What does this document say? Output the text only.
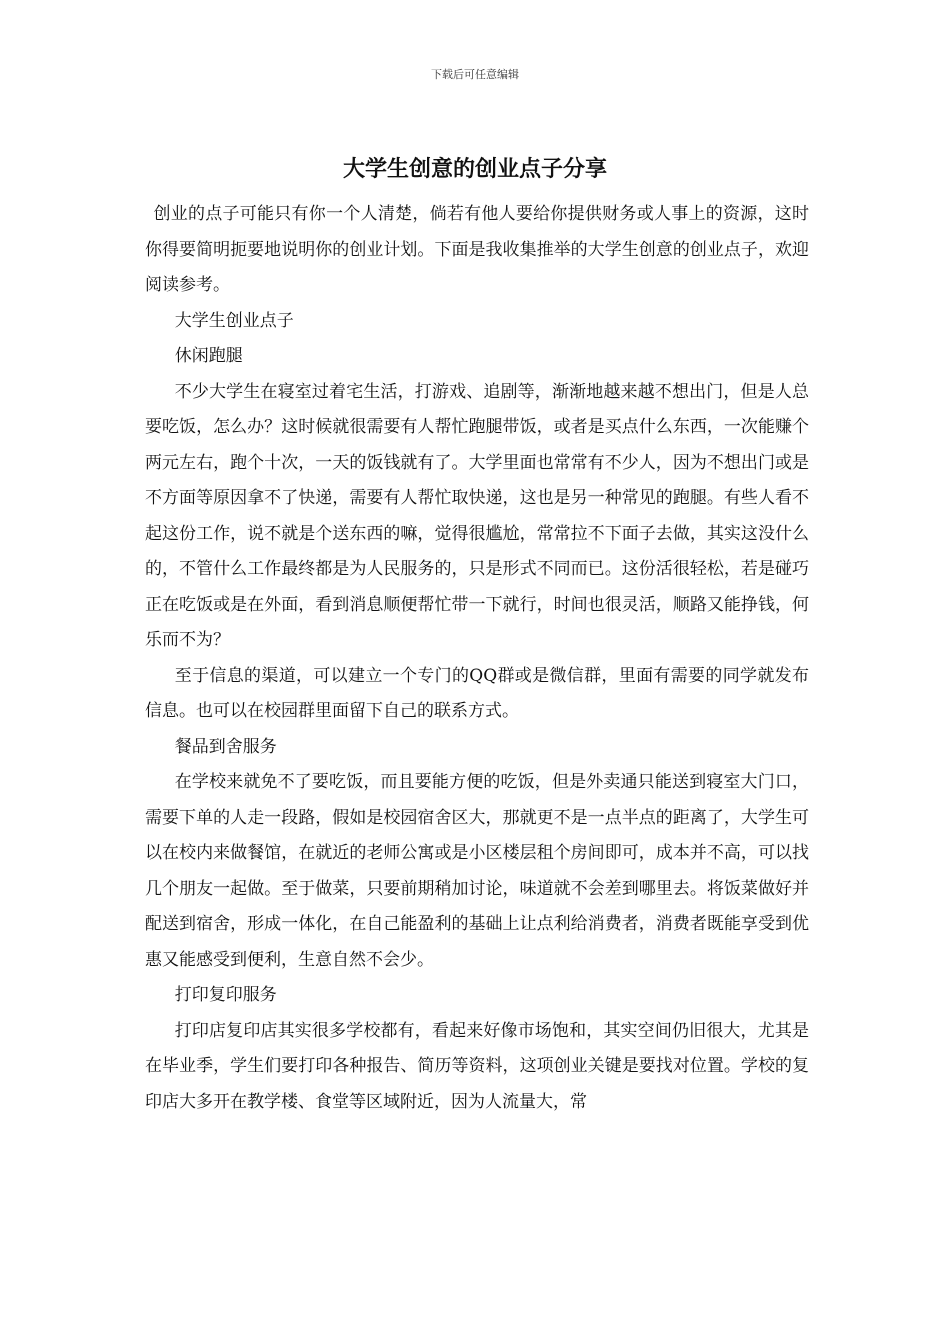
下载后可任意编辑
大学生创意的创业点子分享

创业的点子可能只有你一个人清楚，倘若有他人要给你提供财务或人事上的资源，这时你得要简明扼要地说明你的创业计划。下面是我收集推举的大学生创意的创业点子，欢迎阅读参考。

大学生创业点子

休闲跑腿

不少大学生在寝室过着宅生活，打游戏、追剧等，渐渐地越来越不想出门，但是人总要吃饭，怎么办？这时候就很需要有人帮忙跑腿带饭，或者是买点什么东西，一次能赚个两元左右，跑个十次，一天的饭钱就有了。大学里面也常常有不少人，因为不想出门或是不方面等原因拿不了快递，需要有人帮忙取快递，这也是另一种常见的跑腿。有些人看不起这份工作，说不就是个送东西的嘛，觉得很尴尬，常常拉不下面子去做，其实这没什么的，不管什么工作最终都是为人民服务的，只是形式不同而已。这份活很轻松，若是碰巧正在吃饭或是在外面，看到消息顺便帮忙带一下就行，时间也很灵活，顺路又能挣钱，何乐而不为？

至于信息的渠道，可以建立一个专门的QQ群或是微信群，里面有需要的同学就发布信息。也可以在校园群里面留下自己的联系方式。

餐品到舍服务

在学校来就免不了要吃饭，而且要能方便的吃饭，但是外卖通只能送到寝室大门口，需要下单的人走一段路，假如是校园宿舍区大，那就更不是一点半点的距离了，大学生可以在校内来做餐馆，在就近的老师公寓或是小区楼层租个房间即可，成本并不高，可以找几个朋友一起做。至于做菜，只要前期稍加讨论，味道就不会差到哪里去。将饭菜做好并配送到宿舍，形成一体化，在自己能盈利的基础上让点利给消费者，消费者既能享受到优惠又能感受到便利，生意自然不会少。

打印复印服务

打印店复印店其实很多学校都有，看起来好像市场饱和，其实空间仍旧很大，尤其是在毕业季，学生们要打印各种报告、简历等资料，这项创业关键是要找对位置。学校的复印店大多开在教学楼、食堂等区域附近，因为人流量大，常
